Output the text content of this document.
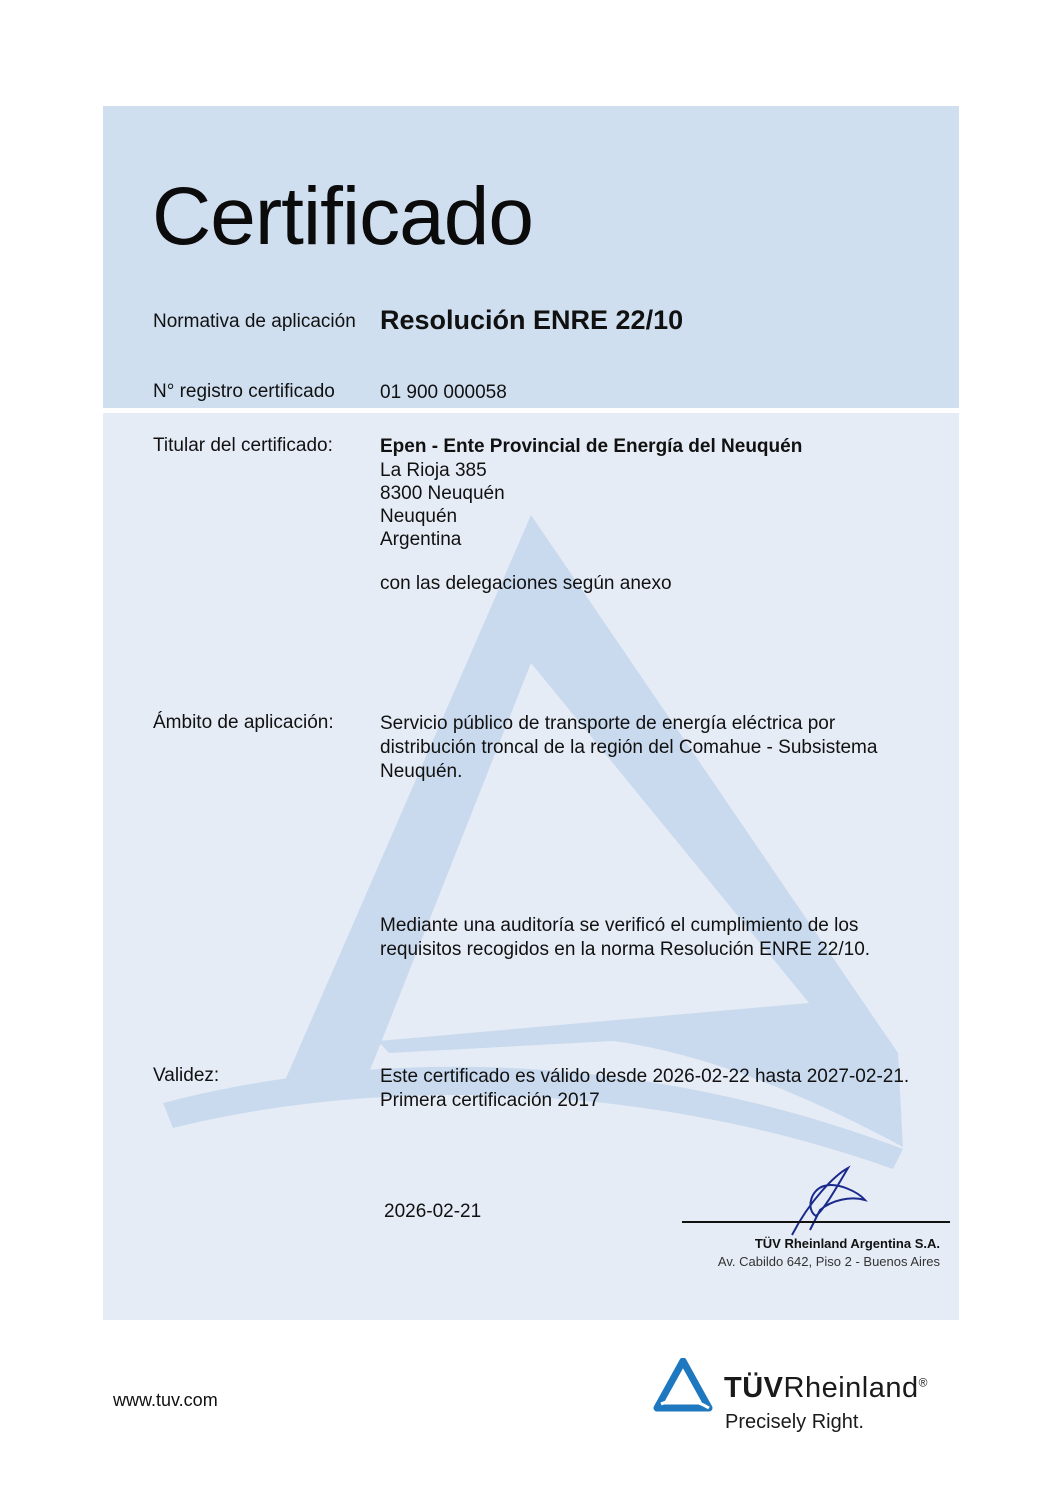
Certificado
Normativa de aplicación Resolución ENRE 22/10
N° registro certificado 01 900 000058
Titular del certificado: Epen - Ente Provincial de Energía del Neuquén
La Rioja 385
8300 Neuquén
Neuquén
Argentina
con las delegaciones según anexo
Ámbito de aplicación: Servicio público de transporte de energía eléctrica por
distribución troncal de la región del Comahue - Subsistema
Neuquén.
Mediante una auditoría se verificó el cumplimiento de los
requisitos recogidos en la norma Resolución ENRE 22/10.
Validez:	Este certificado es válido desde 2026-02-22 hasta 2027-02-21.
Primera certificación 2017
2026-02-21
TÜV Rheinland Argentina S.A.
Av. Cabildo 642, Piso 2 - Buenos Aires
www.tuv.com	TÜVRheinland®
Precisely Right.
